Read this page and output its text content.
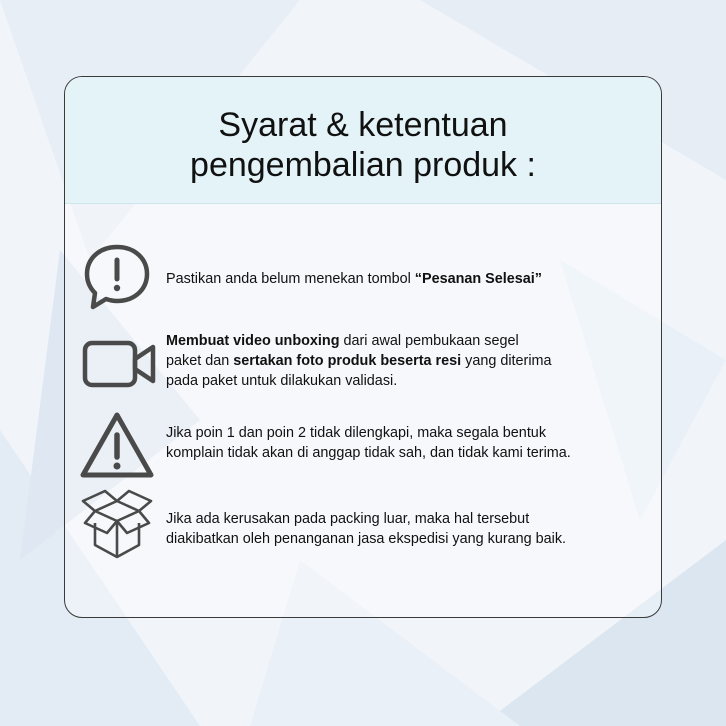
Syarat & ketentuan
pengembalian produk :
Pastikan anda belum menekan tombol “Pesanan Selesai”
Membuat video unboxing dari awal pembukaan segel
paket dan sertakan foto produk beserta resi yang diterima
pada paket untuk dilakukan validasi.
Jika poin 1 dan poin 2 tidak dilengkapi, maka segala bentuk
komplain tidak akan di anggap tidak sah, dan tidak kami terima.
Jika ada kerusakan pada packing luar, maka hal tersebut
diakibatkan oleh penanganan jasa ekspedisi yang kurang baik.
